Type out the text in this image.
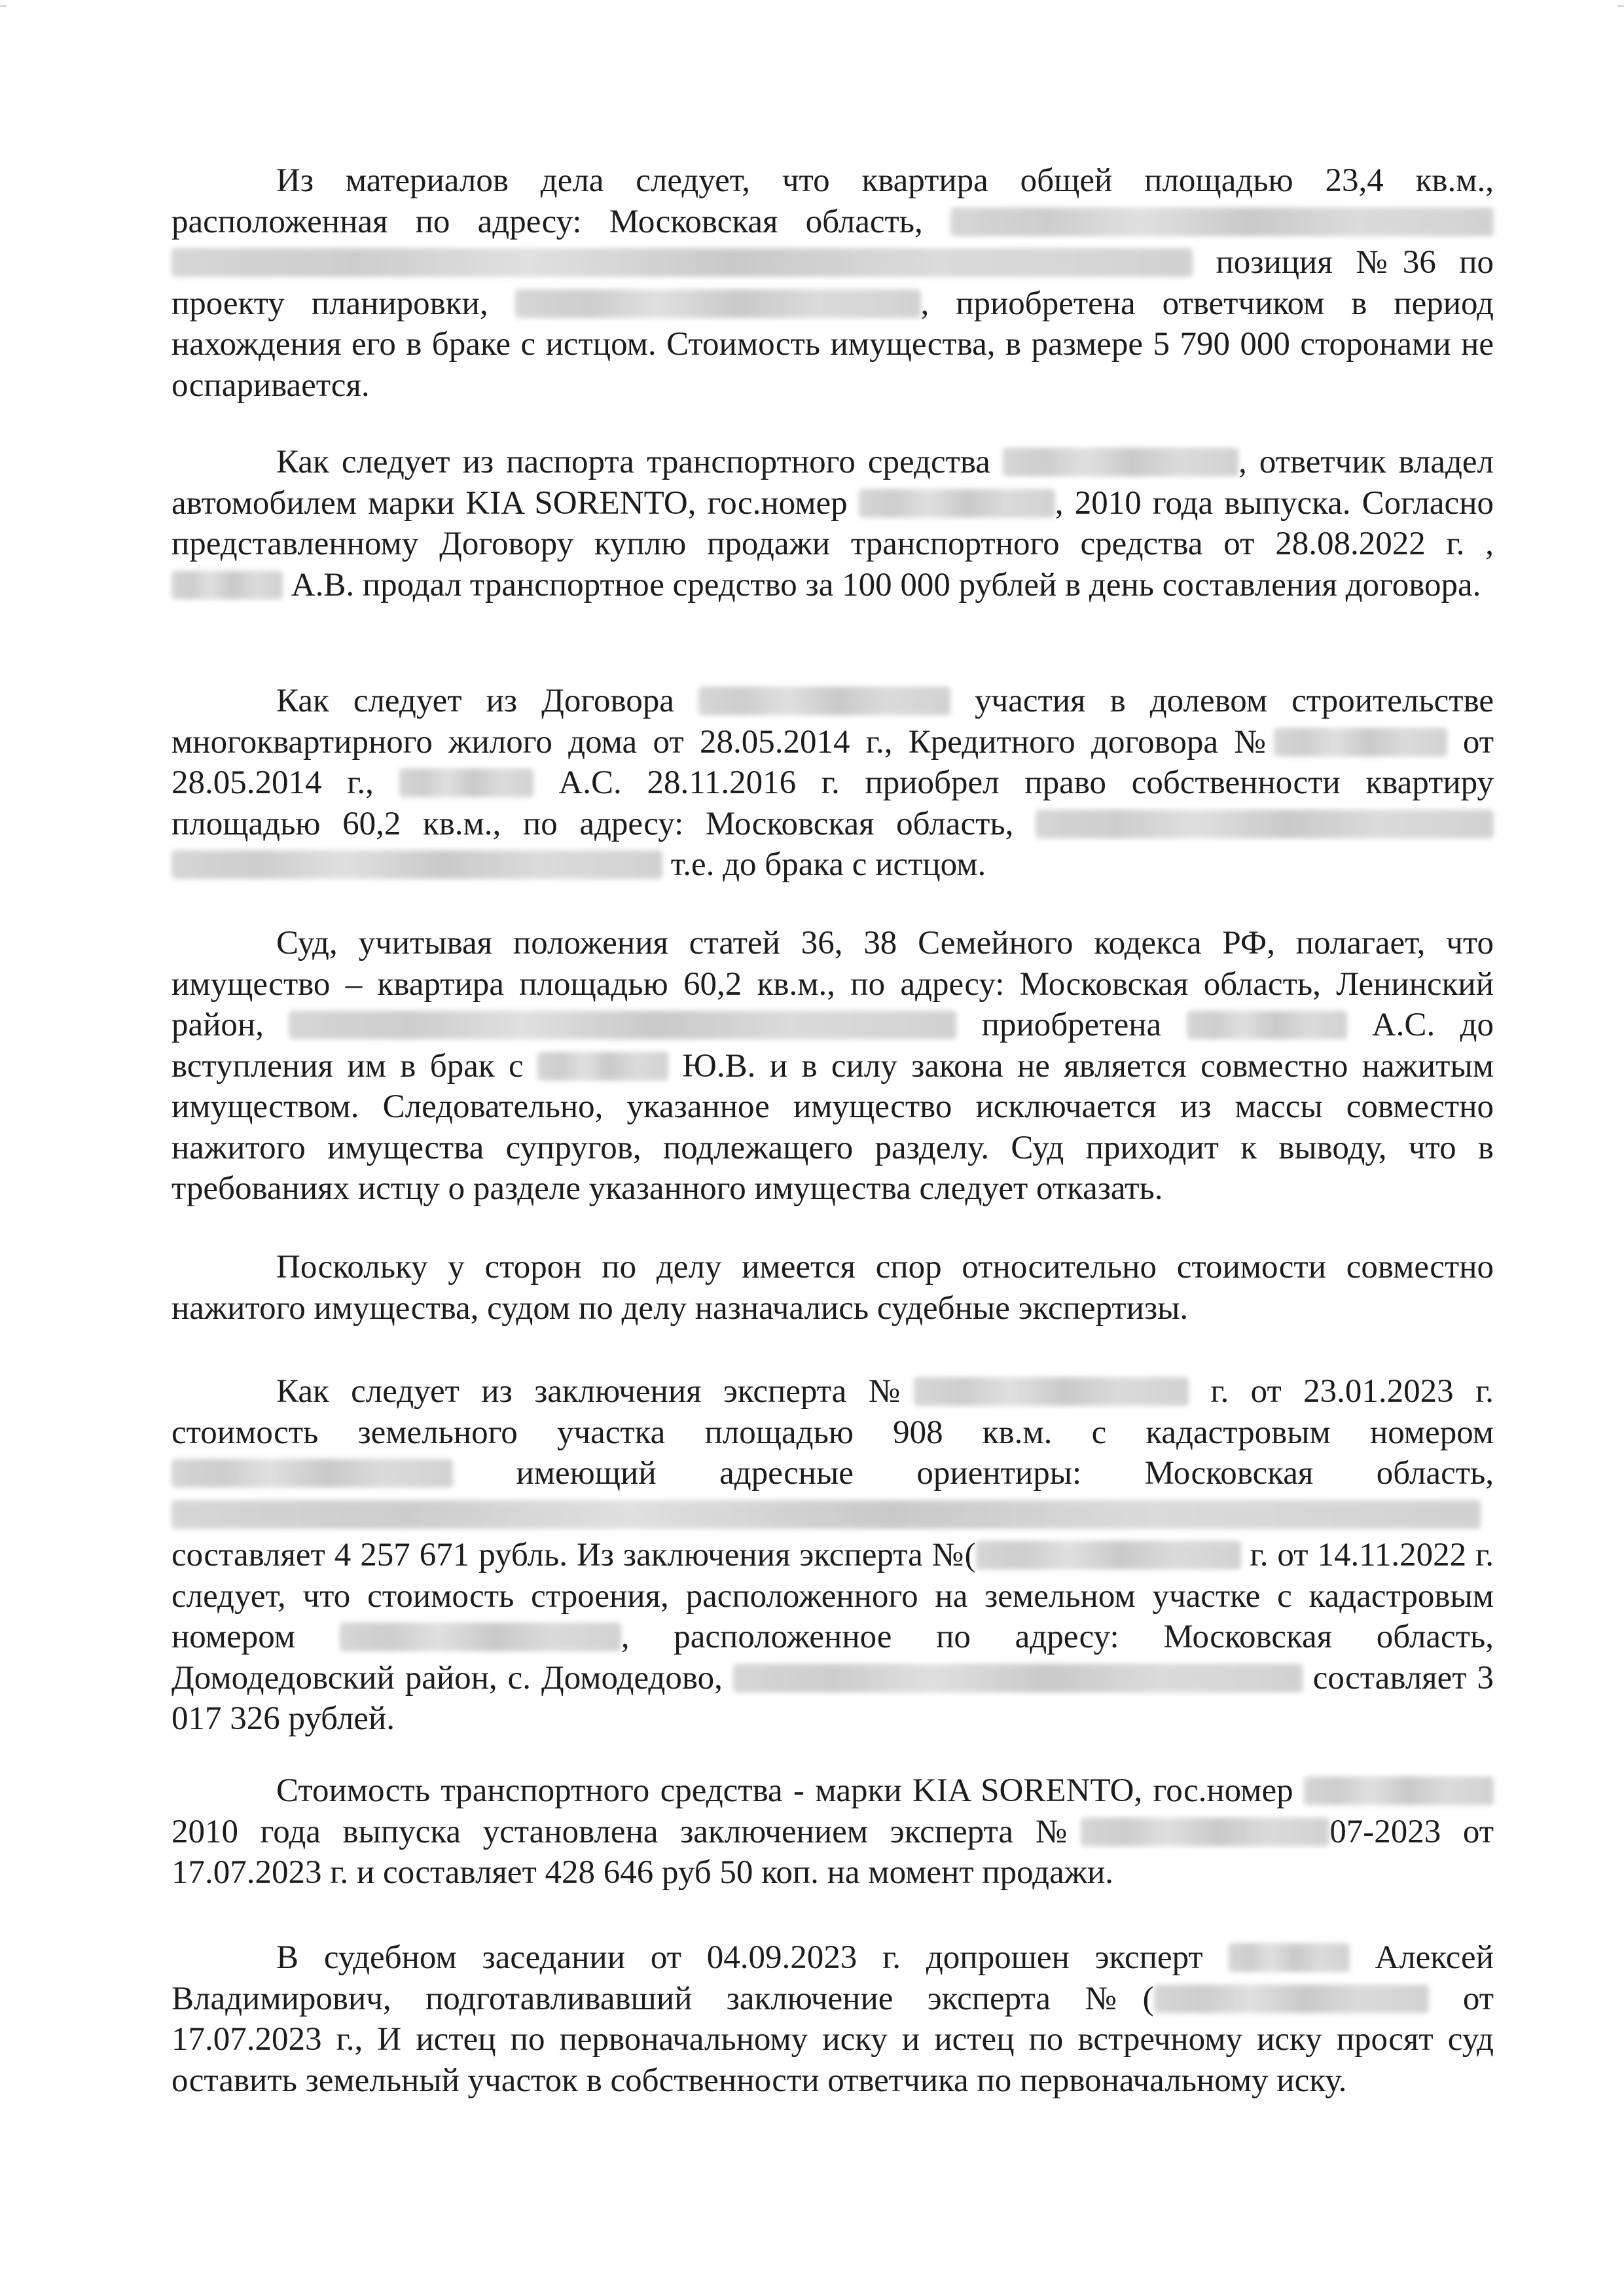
Из материалов дела следует, что квартира общей площадью 23,4 кв.м., расположенная по адресу: Московская область,   позиция №36 по проекту планировки,	, приобретена ответчиком в период нахождения его в браке с истцом. Стоимость имущества, в размере 5 790 000 сторонами не оспаривается.

Как следует из паспорта транспортного средства	, ответчик владел автомобилем марки KIA SORENTO, гос.номер	, 2010 года выпуска. Согласно представленному Договору куплю продажи транспортного средства от 28.08.2022 г. ,  А.В. продал транспортное средство за 100 000 рублей в день составления договора.

Как следует из Договора	участия в долевом строительстве многоквартирного жилого дома от 28.05.2014 г., Кредитного договора №	от 28.05.2014 г.,	А.С. 28.11.2016 г. приобрел право собственности квартиру площадью 60,2 кв.м., по адресу: Московская область,   т.е. до брака с истцом.

Суд, учитывая положения статей 36, 38 Семейного кодекса РФ, полагает, что имущество – квартира площадью 60,2 кв.м., по адресу: Московская область, Ленинский район,	приобретена	А.С. до вступления им в брак с	Ю.В. и в силу закона не является совместно нажитым имуществом. Следовательно, указанное имущество исключается из массы совместно нажитого имущества супругов, подлежащего разделу. Суд приходит к выводу, что в требованиях истцу о разделе указанного имущества следует отказать.

Поскольку у сторон по делу имеется спор относительно стоимости совместно нажитого имущества, судом по делу назначались судебные экспертизы.

Как следует из заключения эксперта №	г. от 23.01.2023 г. стоимость земельного участка площадью 908 кв.м. с кадастровым номером  имеющий адресные ориентиры: Московская область,  составляет 4 257 671 рубль. Из заключения эксперта №(	г. от 14.11.2022 г. следует, что стоимость строения, расположенного на земельном участке с кадастровым номером	, расположенное по адресу: Московская область, Домодедовский район, с. Домодедово,	составляет 3 017 326 рублей.

Стоимость транспортного средства - марки KIA SORENTO, гос.номер  2010 года выпуска установлена заключением эксперта №	07-2023 от 17.07.2023 г. и составляет 428 646 руб 50 коп. на момент продажи.

В судебном заседании от 04.09.2023 г. допрошен эксперт	Алексей Владимирович, подготавливавший заключение эксперта №(	от 17.07.2023 г., И истец по первоначальному иску и истец по встречному иску просят суд оставить земельный участок в собственности ответчика по первоначальному иску.
